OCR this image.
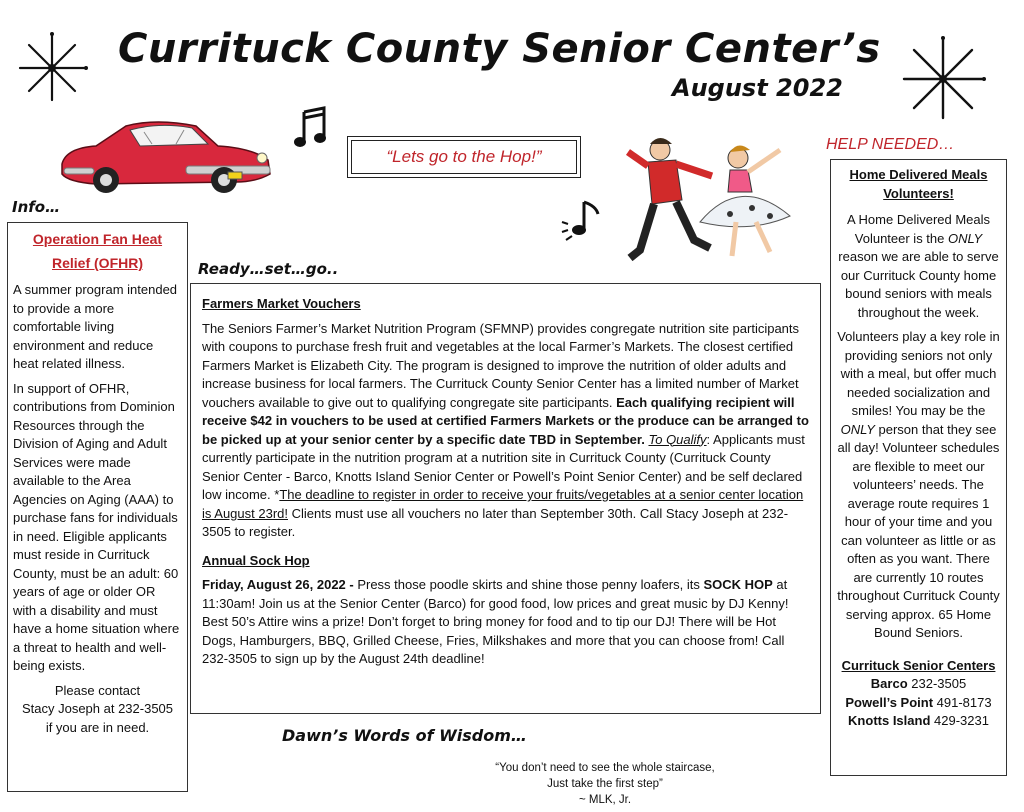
Currituck County Senior Center’s
August 2022
“Lets go to the Hop!”
Info…
Ready…set…go..
HELP NEEDED…
Dawn’s Words of Wisdom…
Operation Fan Heat Relief (OFHR)

A summer program intended to provide a more comfortable living environment and reduce heat related illness.

In support of OFHR, contributions from Dominion Resources through the Division of Aging and Adult Services were made available to the Area Agencies on Aging (AAA) to purchase fans for individuals in need. Eligible applicants must reside in Currituck County, must be an adult: 60 years of age or older OR with a disability and must have a home situation where a threat to health and well-being exists.

Please contact

Stacy Joseph at 232-3505

if you are in need.

Farmers Market Vouchers

The Seniors Farmer’s Market Nutrition Program (SFMNP) provides congregate nutrition site participants with coupons to purchase fresh fruit and vegetables at the local Farmer’s Markets. The closest certified Farmers Market is Elizabeth City. The program is designed to improve the nutrition of older adults and increase business for local farmers. The Currituck County Senior Center has a limited number of Market vouchers available to give out to qualifying congregate site participants. Each qualifying recipient will receive $42 in vouchers to be used at certified Farmers Markets or the produce can be arranged to be picked up at your senior center by a specific date TBD in September. To Qualify: Applicants must currently participate in the nutrition program at a nutrition site in Currituck County (Currituck County Senior Center - Barco, Knotts Island Senior Center or Powell’s Point Senior Center) and be self declared low income. *The deadline to register in order to receive your fruits/vegetables at a senior center location is August 23rd! Clients must use all vouchers no later than September 30th. Call Stacy Joseph at 232-3505 to register.

Annual Sock Hop

Friday, August 26, 2022 - Press those poodle skirts and shine those penny loafers, its SOCK HOP at 11:30am! Join us at the Senior Center (Barco) for good food, low prices and great music by DJ Kenny! Best 50’s Attire wins a prize! Don’t forget to bring money for food and to tip our DJ! There will be Hot Dogs, Hamburgers, BBQ, Grilled Cheese, Fries, Milkshakes and more that you can choose from! Call 232-3505 to sign up by the August 24th deadline!

Home Delivered Meals Volunteers!

A Home Delivered Meals Volunteer is the ONLY reason we are able to serve our Currituck County home bound seniors with meals throughout the week.

Volunteers play a key role in providing seniors not only with a meal, but offer much needed socialization and smiles! You may be the ONLY person that they see all day! Volunteer schedules are flexible to meet our volunteers’ needs. The average route requires 1 hour of your time and you can volunteer as little or as often as you want. There are currently 10 routes throughout Currituck County serving approx. 65 Home Bound Seniors.

Currituck Senior Centers
Barco 232-3505
Powell’s Point 491-8173
Knotts Island 429-3231
“You don’t need to see the whole staircase,
Just take the first step”
~ MLK, Jr.
